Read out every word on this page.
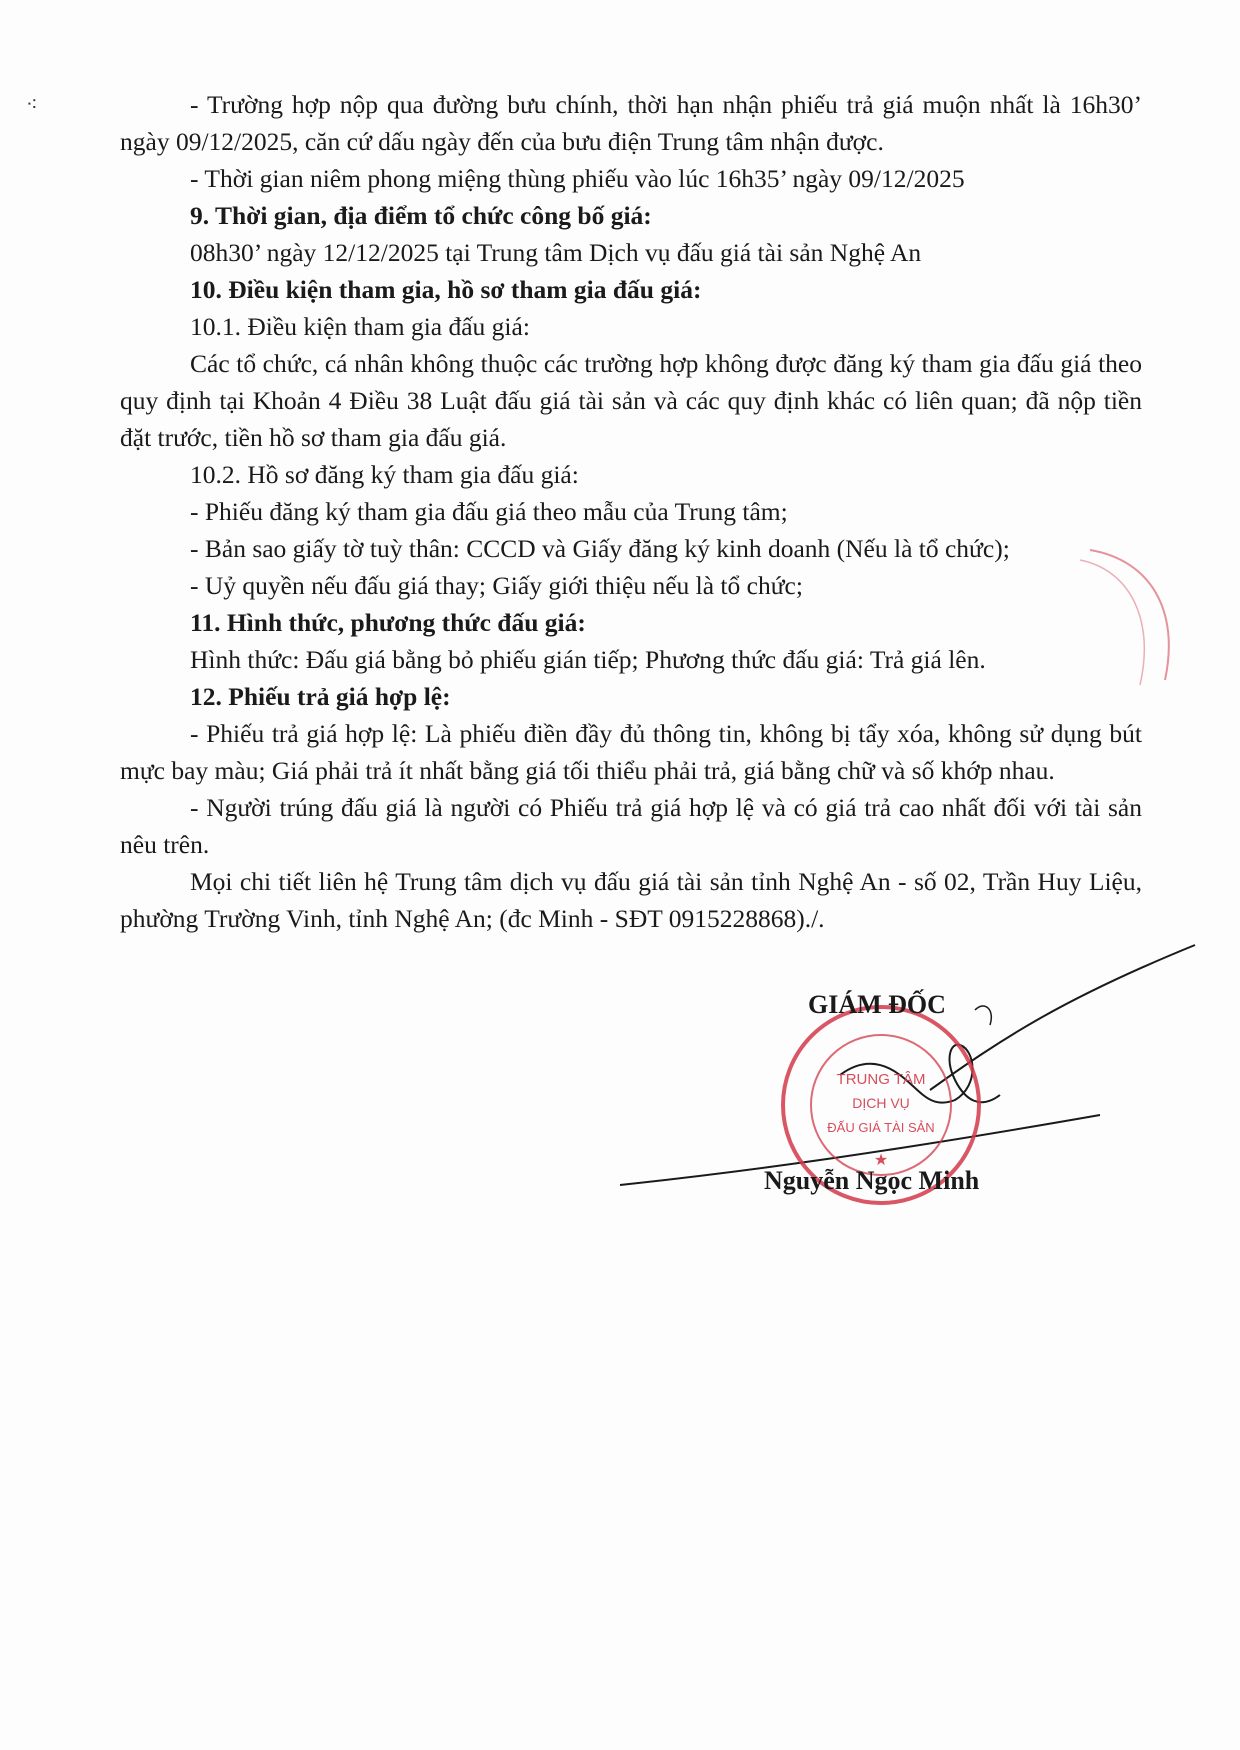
⁖	- Trường hợp nộp qua đường bưu chính, thời hạn nhận phiếu trả giá muộn nhất là 16h30’ ngày 09/12/2025, căn cứ dấu ngày đến của bưu điện Trung tâm nhận được.

- Thời gian niêm phong miệng thùng phiếu vào lúc 16h35’ ngày 09/12/2025

9. Thời gian, địa điểm tổ chức công bố giá:

08h30’ ngày 12/12/2025 tại Trung tâm Dịch vụ đấu giá tài sản Nghệ An

10. Điều kiện tham gia, hồ sơ tham gia đấu giá:

10.1. Điều kiện tham gia đấu giá:

Các tổ chức, cá nhân không thuộc các trường hợp không được đăng ký tham gia đấu giá theo quy định tại Khoản 4 Điều 38 Luật đấu giá tài sản và các quy định khác có liên quan; đã nộp tiền đặt trước, tiền hồ sơ tham gia đấu giá.

10.2. Hồ sơ đăng ký tham gia đấu giá:

- Phiếu đăng ký tham gia đấu giá theo mẫu của Trung tâm;

- Bản sao giấy tờ tuỳ thân: CCCD và Giấy đăng ký kinh doanh (Nếu là tổ chức);

- Uỷ quyền nếu đấu giá thay; Giấy giới thiệu nếu là tổ chức;

11. Hình thức, phương thức đấu giá:

Hình thức: Đấu giá bằng bỏ phiếu gián tiếp; Phương thức đấu giá: Trả giá lên.

12. Phiếu trả giá hợp lệ:

- Phiếu trả giá hợp lệ: Là phiếu điền đầy đủ thông tin, không bị tẩy xóa, không sử dụng bút mực bay màu; Giá phải trả ít nhất bằng giá tối thiểu phải trả, giá bằng chữ và số khớp nhau.

- Người trúng đấu giá là người có Phiếu trả giá hợp lệ và có giá trả cao nhất đối với tài sản nêu trên.

Mọi chi tiết liên hệ Trung tâm dịch vụ đấu giá tài sản tỉnh Nghệ An - số 02, Trần Huy Liệu, phường Trường Vinh, tỉnh Nghệ An; (đc Minh - SĐT 0915228868)./.

TRUNG TÂM
DỊCH VỤ
ĐẤU GIÁ TÀI SẢN
★
GIÁM ĐỐC
Nguyễn Ngọc Minh
